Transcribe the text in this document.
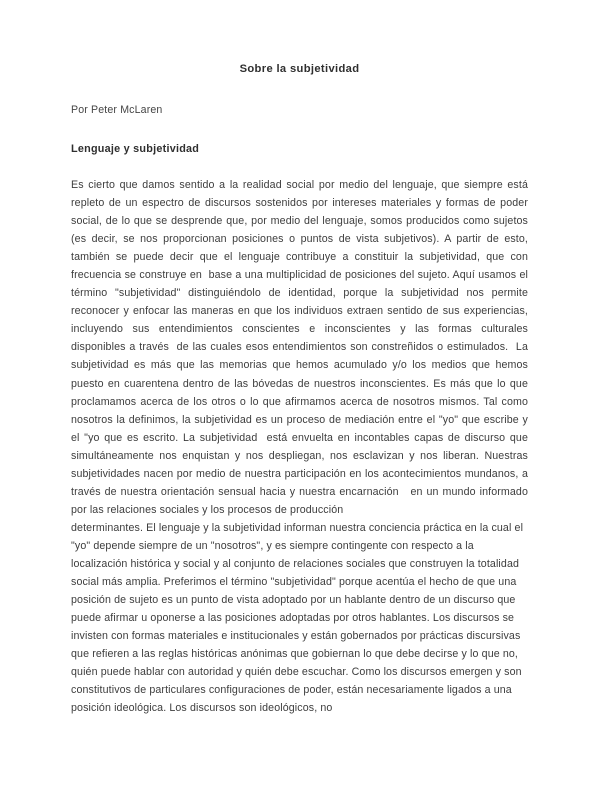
Sobre la subjetividad
Por Peter McLaren
Lenguaje y subjetividad

Es cierto que damos sentido a la realidad social por medio del lenguaje, que siempre está repleto de un espectro de discursos sostenidos por intereses materiales y formas de poder social, de lo que se desprende que, por medio del lenguaje, somos producidos como sujetos (es decir, se nos proporcionan posiciones o puntos de vista subjetivos). A partir de esto, también se puede decir que el lenguaje contribuye a constituir la subjetividad, que con frecuencia se construye en  base a una multiplicidad de posiciones del sujeto. Aquí usamos el término "subjetividad" distinguiéndolo de identidad, porque la subjetividad nos permite reconocer y enfocar las maneras en que los individuos extraen sentido de sus experiencias, incluyendo sus entendimientos conscientes e inconscientes y las formas culturales disponibles a través  de las cuales esos entendimientos son constreñidos o estimulados.  La subjetividad es más que las memorias que hemos acumulado y/o los medios que hemos puesto en cuarentena dentro de las bóvedas de nuestros inconscientes. Es más que lo que proclamamos acerca de los otros o lo que afirmamos acerca de nosotros mismos. Tal como nosotros la definimos, la subjetividad es un proceso de mediación entre el "yo" que escribe y el "yo que es escrito. La subjetividad  está envuelta en incontables capas de discurso que simultáneamente nos enquistan y nos despliegan, nos esclavizan y nos liberan. Nuestras subjetividades nacen por medio de nuestra participación en los acontecimientos mundanos, a través de nuestra orientación sensual hacia y nuestra encarnación   en un mundo informado por las relaciones sociales y los procesos de producción
determinantes. El lenguaje y la subjetividad informan nuestra conciencia práctica en la cual el "yo" depende siempre de un "nosotros", y es siempre contingente con respecto a la localización histórica y social y al conjunto de relaciones sociales que construyen la totalidad social más amplia. Preferimos el término "subjetividad" porque acentúa el hecho de que una posición de sujeto es un punto de vista adoptado por un hablante dentro de un discurso que puede afirmar u oponerse a las posiciones adoptadas por otros hablantes. Los discursos se invisten con formas materiales e institucionales y están gobernados por prácticas discursivas que refieren a las reglas históricas anónimas que gobiernan lo que debe decirse y lo que no, quién puede hablar con autoridad y quién debe escuchar. Como los discursos emergen y son constitutivos de particulares configuraciones de poder, están necesariamente ligados a una posición ideológica. Los discursos son ideológicos, no
